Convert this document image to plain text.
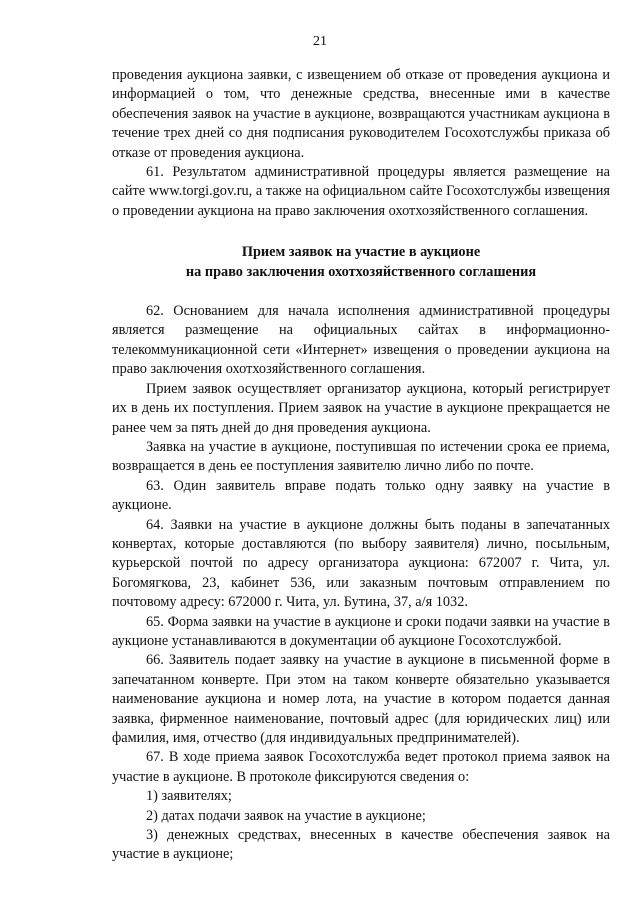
21

проведения аукциона заявки, с извещением об отказе от проведения аукциона и информацией о том, что денежные средства, внесенные ими в качестве обеспечения заявок на участие в аукционе, возвращаются участникам аукциона в течение трех дней со дня подписания руководителем Госохотслужбы приказа об отказе от проведения аукциона.

61. Результатом административной процедуры является размещение на сайте www.torgi.gov.ru, а также на официальном сайте Госохотслужбы извещения о проведении аукциона на право заключения охотхозяйственного соглашения.

Прием заявок на участие в аукционе
на право заключения охотхозяйственного соглашения

62. Основанием для начала исполнения административной процедуры является размещение на официальных сайтах в информационно-телекоммуникационной сети «Интернет» извещения о проведении аукциона на право заключения охотхозяйственного соглашения.

Прием заявок осуществляет организатор аукциона, который регистрирует их в день их поступления. Прием заявок на участие в аукционе прекращается не ранее чем за пять дней до дня проведения аукциона.

Заявка на участие в аукционе, поступившая по истечении срока ее приема, возвращается в день ее поступления заявителю лично либо по почте.

63. Один заявитель вправе подать только одну заявку на участие в аукционе.

64. Заявки на участие в аукционе должны быть поданы в запечатанных конвертах, которые доставляются (по выбору заявителя) лично, посыльным, курьерской почтой по адресу организатора аукциона: 672007 г. Чита, ул. Богомягкова, 23, кабинет 536, или заказным почтовым отправлением по почтовому адресу: 672000 г. Чита, ул. Бутина, 37, а/я 1032.

65. Форма заявки на участие в аукционе и сроки подачи заявки на участие в аукционе устанавливаются в документации об аукционе Госохотслужбой.

66. Заявитель подает заявку на участие в аукционе в письменной форме в запечатанном конверте. При этом на таком конверте обязательно указывается наименование аукциона и номер лота, на участие в котором подается данная заявка, фирменное наименование, почтовый адрес (для юридических лиц) или фамилия, имя, отчество (для индивидуальных предпринимателей).

67. В ходе приема заявок Госохотслужба ведет протокол приема заявок на участие в аукционе. В протоколе фиксируются сведения о:

1) заявителях;

2) датах подачи заявок на участие в аукционе;

3) денежных средствах, внесенных в качестве обеспечения заявок на участие в аукционе;
